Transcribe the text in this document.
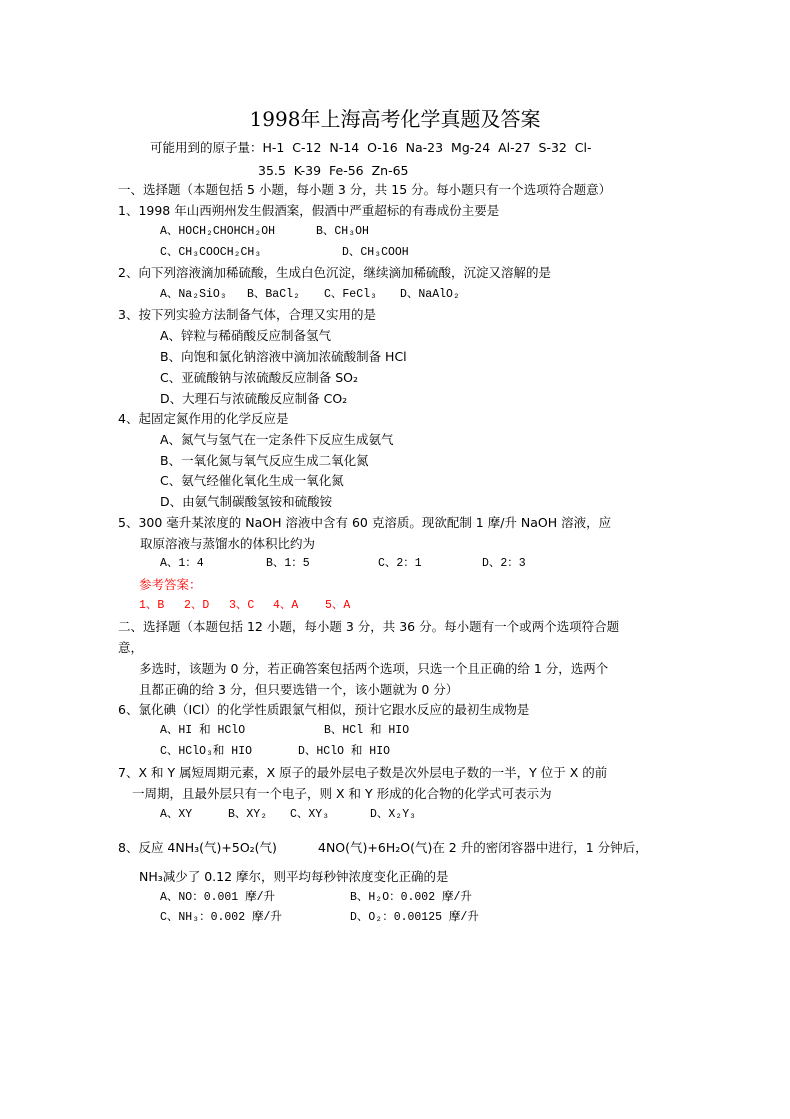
1998年上海高考化学真题及答案
可能用到的原子量：H-1  C-12  N-14  O-16  Na-23  Mg-24  Al-27  S-32  Cl-
35.5  K-39  Fe-56  Zn-65
一、选择题（本题包括 5 小题，每小题 3 分，共 15 分。每小题只有一个选项符合题意）
1、1998 年山西朔州发生假酒案，假酒中严重超标的有毒成份主要是
A、HOCH₂CHOHCH₂OH	B、CH₃OH
C、CH₃COOCH₂CH₃	D、CH₃COOH
2、向下列溶液滴加稀硫酸，生成白色沉淀，继续滴加稀硫酸，沉淀又溶解的是
A、Na₂SiO₃ B、BaCl₂ C、FeCl₃ D、NaAlO₂
3、按下列实验方法制备气体，合理又实用的是
A、锌粒与稀硝酸反应制备氢气
B、向饱和氯化钠溶液中滴加浓硫酸制备 HCl
C、亚硫酸钠与浓硫酸反应制备 SO₂
D、大理石与浓硫酸反应制备 CO₂
4、起固定氮作用的化学反应是
A、氮气与氢气在一定条件下反应生成氨气
B、一氧化氮与氧气反应生成二氧化氮
C、氨气经催化氧化生成一氧化氮
D、由氨气制碳酸氢铵和硫酸铵
5、300 毫升某浓度的 NaOH 溶液中含有 60 克溶质。现欲配制 1 摩/升 NaOH 溶液，应
取原溶液与蒸馏水的体积比约为
A、1：4	B、1：5	C、2：1	D、2：3
参考答案：
1、B 2、D 3、C 4、A 5、A
二、选择题（本题包括 12 小题，每小题 3 分，共 36 分。每小题有一个或两个选项符合题
意，
多选时，该题为 0 分，若正确答案包括两个选项，只选一个且正确的给 1 分，选两个
且都正确的给 3 分，但只要选错一个，该小题就为 0 分）
6、氯化碘（ICl）的化学性质跟氯气相似，预计它跟水反应的最初生成物是
A、HI 和 HClO	B、HCl 和 HIO
C、HClO₃和 HIO	D、HClO 和 HIO
7、X 和 Y 属短周期元素，X 原子的最外层电子数是次外层电子数的一半，Y 位于 X 的前
一周期，且最外层只有一个电子，则 X 和 Y 形成的化合物的化学式可表示为
A、XY	B、XY₂ C、XY₃	D、X₂Y₃
8、反应 4NH₃(气)+5O₂(气)	4NO(气)+6H₂O(气)在 2 升的密闭容器中进行，1 分钟后，
NH₃减少了 0.12 摩尔，则平均每秒钟浓度变化正确的是
A、NO：0.001 摩/升	B、H₂O：0.002 摩/升
C、NH₃：0.002 摩/升	D、O₂：0.00125 摩/升
